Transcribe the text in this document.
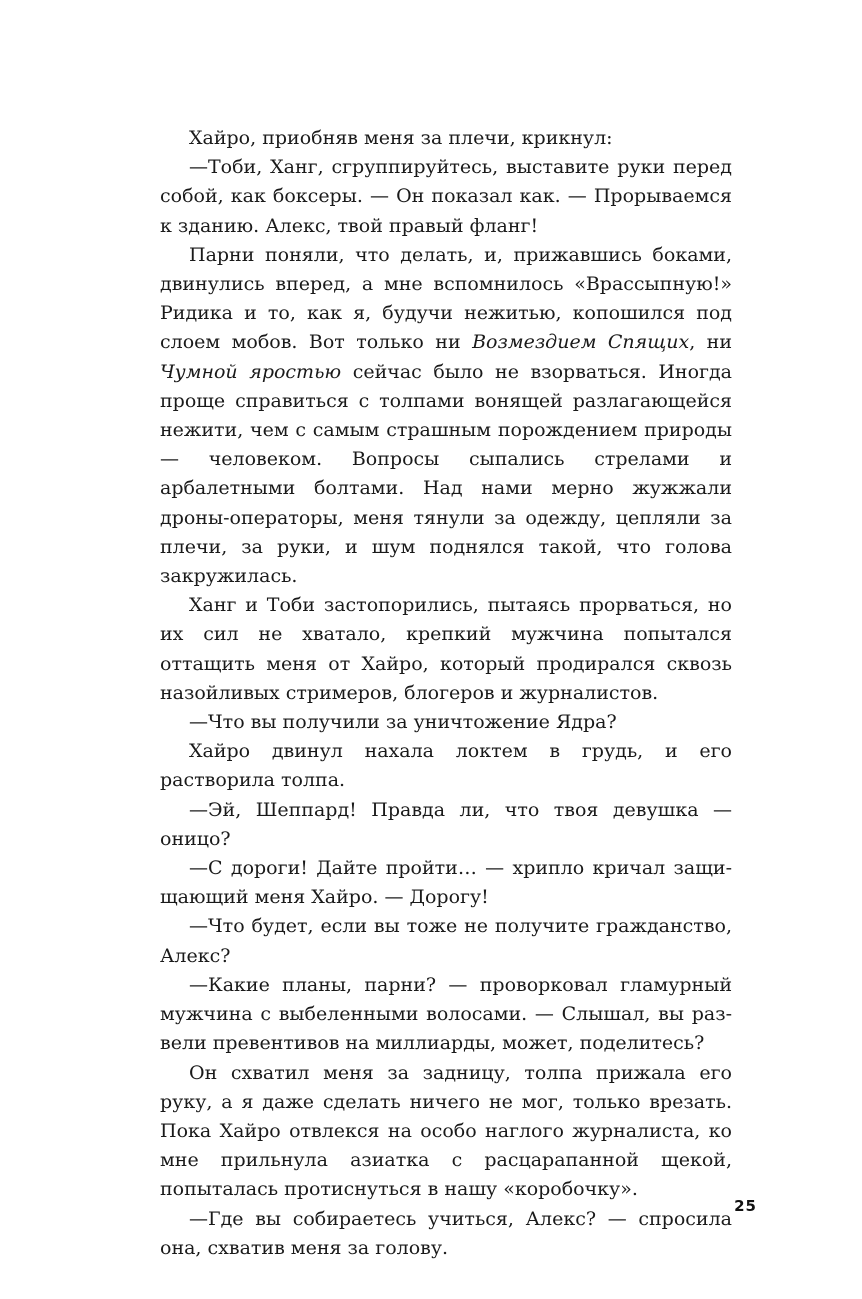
Хайро, приобняв меня за плечи, крикнул:

—Тоби, Ханг, сгруппируйтесь, выставите руки перед собой, как боксеры. — Он показал как. — Прорываемся к зданию. Алекс, твой правый фланг!

Парни поняли, что делать, и, прижавшись боками, двинулись вперед, а мне вспомнилось «Врассыпную!» Ридика и то, как я, будучи нежитью, копошился под слоем мобов. Вот только ни Возмездием Спящих, ни Чумной яростью сейчас было не взорваться. Иногда проще справиться с толпами вонящей разлагающейся нежити, чем с самым страшным порождением природы — человеком. Вопросы сыпались стрелами и арбалетными болтами. Над нами мерно жужжали дроны-операторы, меня тянули за одежду, цепляли за плечи, за руки, и шум поднялся такой, что голова закружилась.

Ханг и Тоби застопорились, пытаясь прорваться, но их сил не хватало, крепкий мужчина попытался оттащить меня от Хайро, который продирался сквозь назойливых стримеров, блогеров и журналистов.

—Что вы получили за уничтожение Ядра?

Хайро двинул нахала локтем в грудь, и его растворила толпа.

—Эй, Шеппард! Правда ли, что твоя девушка — оницо?

—С дороги! Дайте пройти… — хрипло кричал защищающий меня Хайро. — Дорогу!

—Что будет, если вы тоже не получите гражданство, Алекс?

—Какие планы, парни? — проворковал гламурный мужчина с выбеленными волосами. — Слышал, вы развели превентивов на миллиарды, может, поделитесь?

Он схватил меня за задницу, толпа прижала его руку, а я даже сделать ничего не мог, только врезать. Пока Хайро отвлекся на особо наглого журналиста, ко мне прильнула азиатка с расцарапанной щекой, попыталась протиснуться в нашу «коробочку».

—Где вы собираетесь учиться, Алекс? — спросила она, схватив меня за голову.

25
